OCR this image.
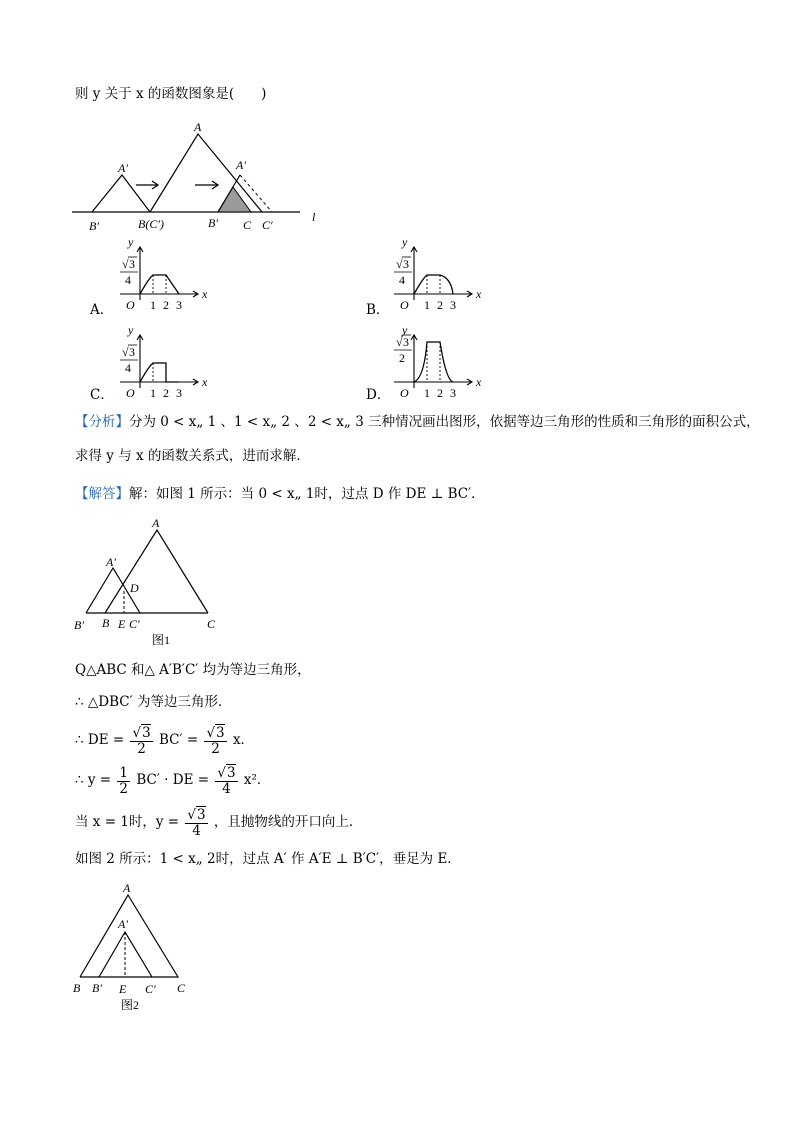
则 y 关于 x 的函数图象是(　　)
A
A′	A′
B′	B(C′)	B′ C C′
l
x
y
O
√ 3
4
1 2 3
x
y
O
√ 3
4
1 2 3
x
y
O
√ 3
4
1 2 3
x
y
O
√ 3
2
1 2 3
A．	B．
C．	D．
【分析】分为 0 < x„ 1 、1 < x„ 2 、2 < x„ 3 三种情况画出图形，依据等边三角形的性质和三角形的面积公式，
求得 y 与 x 的函数关系式，进而求解．
【解答】解：如图 1 所示：当 0 < x„ 1时，过点 D 作 DE ⊥ BC′．
A
A′
D
B′ B E C′	C
图1
Q△ABC 和△ A′B′C′ 均为等边三角形，
∴ △DBC′ 为等边三角形．
∴ DE = $\frac{√3}{2} BC' = \frac{√3}{2}$ x．
∴ $y = \frac{1}{2} BC'$ · DE = $\frac{√3}{4} x^2$．
当 x = 1时，$y = \frac{√3}{4}$ ，且抛物线的开口向上．
如图 2 所示：1 < x„ 2时，过点 A′ 作 A′E ⊥ B′C′，垂足为 E．
A
A′
B B′ E C′ C
图2
